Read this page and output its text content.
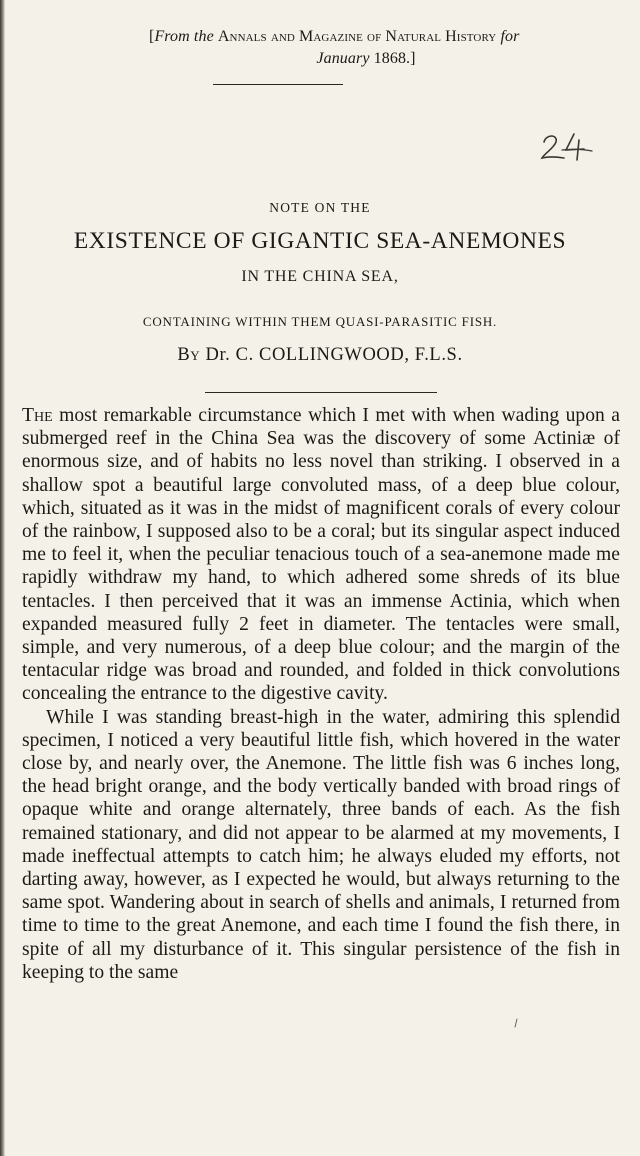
[From the Annals and Magazine of Natural History for
January 1868.]
NOTE ON THE
EXISTENCE OF GIGANTIC SEA-ANEMONES
IN THE CHINA SEA,
CONTAINING WITHIN THEM QUASI-PARASITIC FISH.
By Dr. C. COLLINGWOOD, F.L.S.

The most remarkable circumstance which I met with when wading upon a submerged reef in the China Sea was the discovery of some Actiniæ of enormous size, and of habits no less novel than striking. I observed in a shallow spot a beautiful large convoluted mass, of a deep blue colour, which, situated as it was in the midst of magnificent corals of every colour of the rainbow, I supposed also to be a coral; but its singular aspect induced me to feel it, when the peculiar tenacious touch of a sea-anemone made me rapidly withdraw my hand, to which adhered some shreds of its blue tentacles. I then perceived that it was an immense Actinia, which when expanded measured fully 2 feet in diameter. The tentacles were small, simple, and very numerous, of a deep blue colour; and the margin of the tentacular ridge was broad and rounded, and folded in thick convolutions concealing the entrance to the digestive cavity.

While I was standing breast-high in the water, admiring this splendid specimen, I noticed a very beautiful little fish, which hovered in the water close by, and nearly over, the Anemone. The little fish was 6 inches long, the head bright orange, and the body vertically banded with broad rings of opaque white and orange alternately, three bands of each. As the fish remained stationary, and did not appear to be alarmed at my movements, I made ineffectual attempts to catch him; he always eluded my efforts, not darting away, however, as I expected he would, but always returning to the same spot. Wandering about in search of shells and animals, I returned from time to time to the great Anemone, and each time I found the fish there, in spite of all my disturbance of it. This singular persistence of the fish in keeping to the same
